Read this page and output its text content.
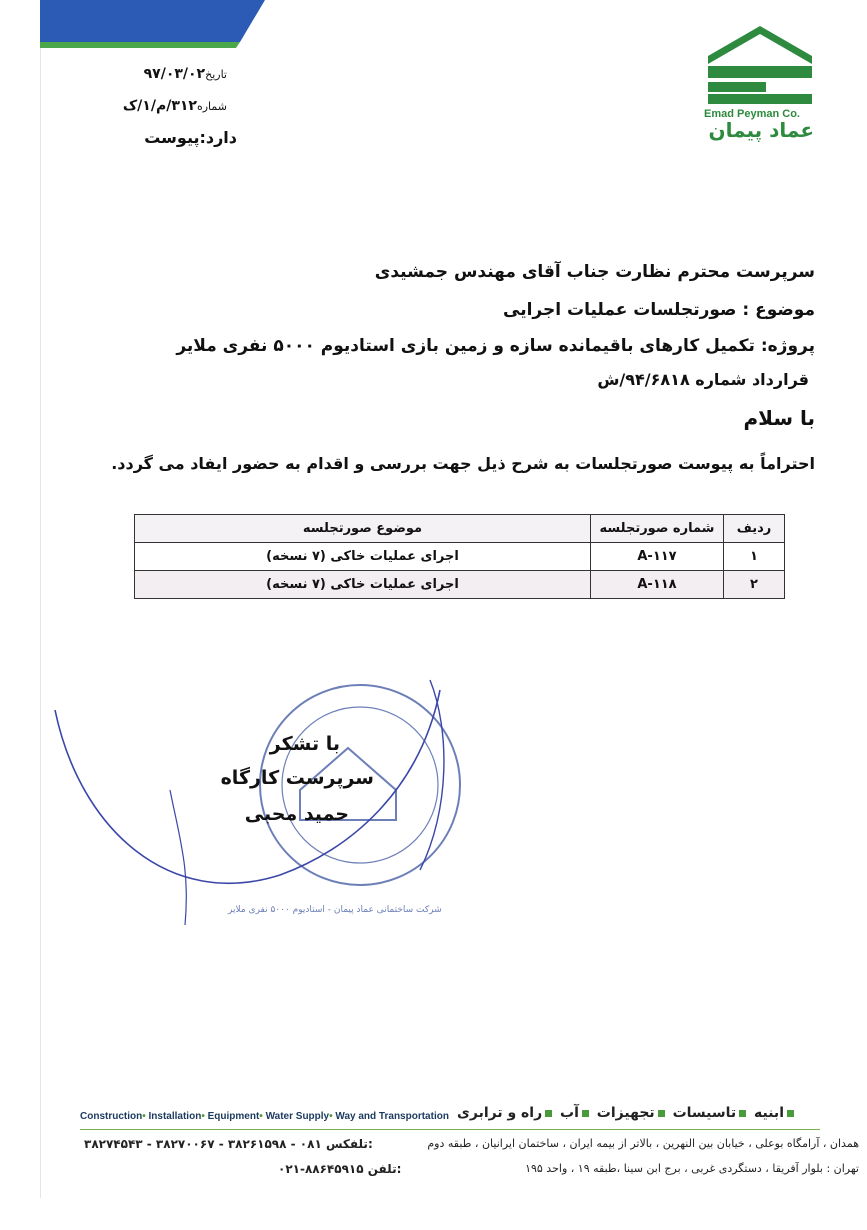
Emad Peyman Co.
عماد پیمان
تاریخ۹۷/۰۳/۰۲
شماره۳۱۲/م/۱/ک
دارد:پیوست
سرپرست محترم نظارت جناب آقای مهندس جمشیدی
موضوع : صورتجلسات عملیات اجرایی
پروژه: تکمیل کارهای باقیمانده سازه و زمین بازی استادیوم ۵۰۰۰ نفری ملایر
قرارداد شماره ۹۴/۶۸۱۸/ش
با سلام
احتراماً به پیوست صورتجلسات به شرح ذیل جهت بررسی و اقدام به حضور ایفاد می گردد.
ردیف	شماره صورتجلسه	موضوع صورتجلسه
۱	A-۱۱۷	اجرای عملیات خاکی (۷ نسخه)
۲	A-۱۱۸	اجرای عملیات خاکی (۷ نسخه)
شرکت ساختمانی عماد پیمان - استادیوم ۵۰۰۰ نفری ملایر
با تشکر
سرپرست کارگاه
حمید محبی
Construction• Installation• Equipment• Water Supply• Way and Transportation	ابنیه تاسیسات تجهیزات آب راه و ترابری
همدان ، آرامگاه بوعلی ، خیابان بین النهرین ، بالاتر از بیمه ایران ، ساختمان ایرانیان ، طبقه دوم
۳۸۲۷۴۵۴۳ - ۳۸۲۷۰۰۶۷ - ۳۸۲۶۱۵۹۸ - ۰۸۱ تلفکس:
تهران : بلوار آفریقا ، دستگردی غربی ، برج ابن سینا ،طبقه ۱۹ ، واحد ۱۹۵
۰۲۱-۸۸۶۴۵۹۱۵ تلفن:
